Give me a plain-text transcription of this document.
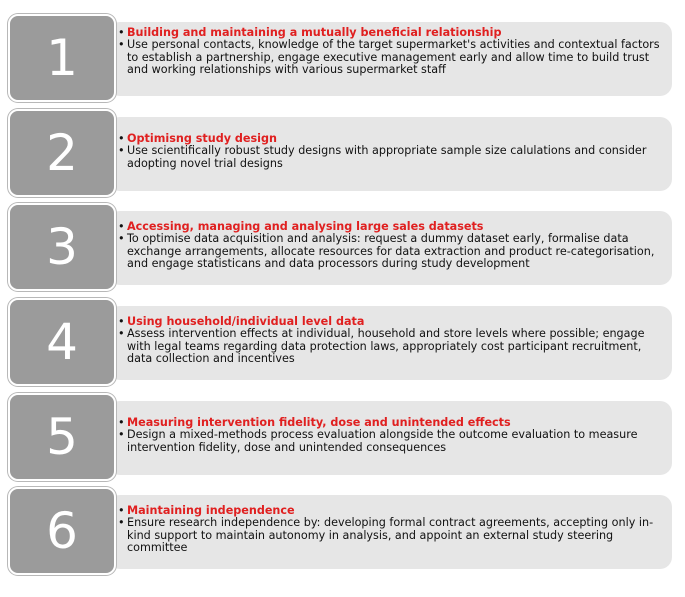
• Building and maintaining a mutually beneficial relationship
• Use personal contacts, knowledge of the target supermarket's activities and contextual factors to establish a partnership, engage executive management early and allow time to build trust and working relationships with various supermarket staff
1
• Optimisng study design
• Use scientifically robust study designs with appropriate sample size calulations and consider adopting novel trial designs
2
• Accessing, managing and analysing large sales datasets
• To optimise data acquisition and analysis: request a dummy dataset early, formalise data exchange arrangements, allocate resources for data extraction and product re-categorisation, and engage statisticans and data processors during study development
3
• Using household/individual level data
• Assess intervention effects at individual, household and store levels where possible; engage with legal teams regarding data protection laws, appropriately cost participant recruitment, data collection and incentives
4
• Measuring intervention fidelity, dose and unintended effects
• Design a mixed-methods process evaluation alongside the outcome evaluation to measure intervention fidelity, dose and unintended consequences
5
• Maintaining independence
• Ensure research independence by: developing formal contract agreements, accepting only in-kind support to maintain autonomy in analysis, and appoint an external study steering committee
6
